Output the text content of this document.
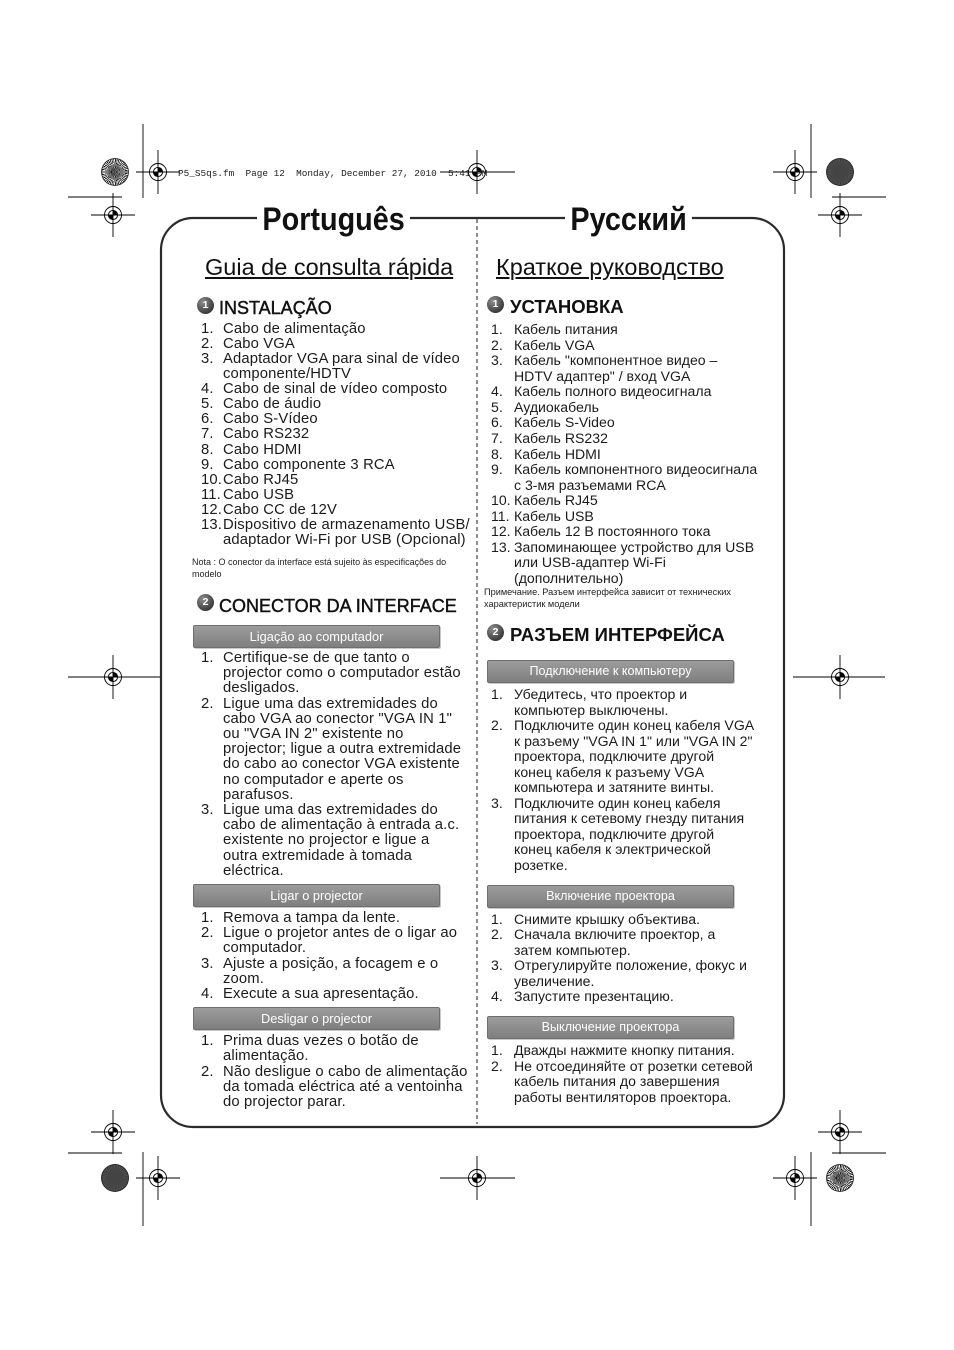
P5_S5qs.fm  Page 12  Monday, December 27, 2010  5:41 PM
Português	Русский
Guia de consulta rápida
1 INSTALAÇÃO
1. Cabo de alimentação
2. Cabo VGA
3. Adaptador VGA para sinal de vídeo
componente/HDTV
4. Cabo de sinal de vídeo composto
5. Cabo de áudio
6. Cabo S-Vídeo
7. Cabo RS232
8. Cabo HDMI
9. Cabo componente 3 RCA
10. Cabo RJ45
11. Cabo USB
12. Cabo CC de 12V
13. Dispositivo de armazenamento USB/
adaptador Wi-Fi por USB (Opcional)
Nota : O conector da interface está sujeito às especificações do
modelo
2 CONECTOR DA INTERFACE
Ligação ao computador
1. Certifique-se de que tanto o
projector como o computador estão
desligados.
2. Ligue uma das extremidades do
cabo VGA ao conector "VGA IN 1"
ou "VGA IN 2" existente no
projector; ligue a outra extremidade
do cabo ao conector VGA existente
no computador e aperte os
parafusos.
3. Ligue uma das extremidades do
cabo de alimentação à entrada a.c.
existente no projector e ligue a
outra extremidade à tomada
eléctrica.
Ligar o projector
1. Remova a tampa da lente.
2. Ligue o projetor antes de o ligar ao
computador.
3. Ajuste a posição, a focagem e o
zoom.
4. Execute a sua apresentação.
Desligar o projector
1. Prima duas vezes o botão de
alimentação.
2. Não desligue o cabo de alimentação
da tomada eléctrica até a ventoinha
do projector parar.
Краткое руководство
1 УСТАНОВКА
1. Кабель питания
2. Кабель VGA
3. Кабель "компонентное видео –
HDTV адаптер" / вход VGA
4. Кабель полного видеосигнала
5. Аудиокабель
6. Кабель S-Video
7. Кабель RS232
8. Кабель HDMI
9. Кабель компонентного видеосигнала
с 3-мя разъемами RCA
10. Кабель RJ45
11. Кабель USB
12. Кабель 12 В постоянного тока
13. Запоминающее устройство для USB
или USB-адаптер Wi-Fi
(дополнительно)
Примечание. Разъем интерфейса зависит от технических
характеристик модели
2 РАЗЪЕМ ИНТЕРФЕЙСА
Подключение к компьютеру
1. Убедитесь, что проектор и
компьютер выключены.
2. Подключите один конец кабеля VGA
к разъему "VGA IN 1" или "VGA IN 2"
проектора, подключите другой
конец кабеля к разъему VGA
компьютера и затяните винты.
3. Подключите один конец кабеля
питания к сетевому гнезду питания
проектора, подключите другой
конец кабеля к электрической
розетке.
Включение проектора
1. Снимите крышку объектива.
2. Сначала включите проектор, а
затем компьютер.
3. Отрегулируйте положение, фокус и
увеличение.
4. Запустите презентацию.
Выключение проектора
1. Дважды нажмите кнопку питания.
2. Не отсоединяйте от розетки сетевой
кабель питания до завершения
работы вентиляторов проектора.
